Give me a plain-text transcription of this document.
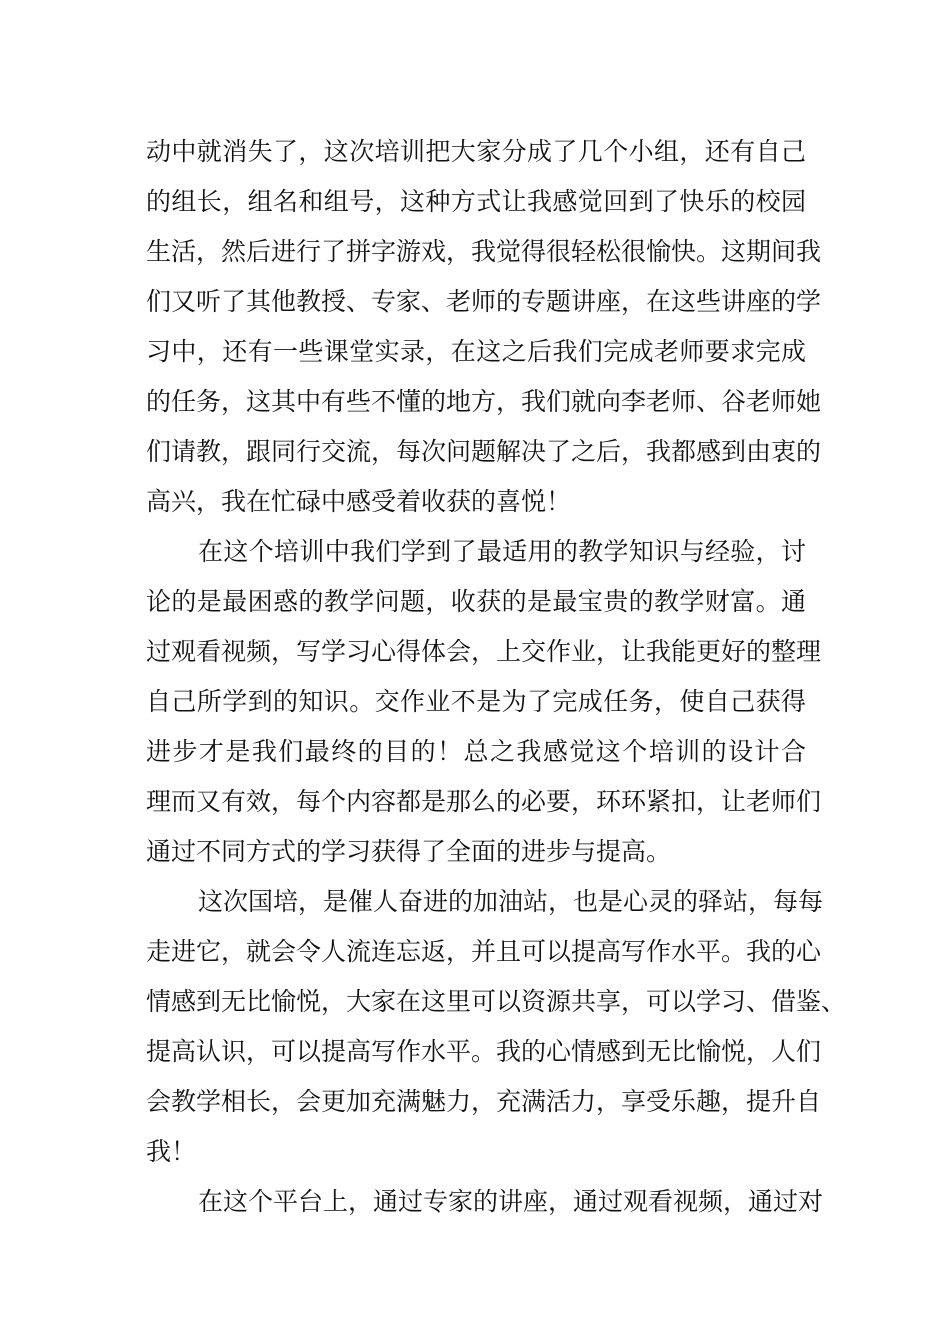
动中就消失了，这次培训把大家分成了几个小组，还有自己
的组长，组名和组号，这种方式让我感觉回到了快乐的校园
生活，然后进行了拼字游戏，我觉得很轻松很愉快。这期间我
们又听了其他教授、专家、老师的专题讲座，在这些讲座的学
习中，还有一些课堂实录，在这之后我们完成老师要求完成
的任务，这其中有些不懂的地方，我们就向李老师、谷老师她
们请教，跟同行交流，每次问题解决了之后，我都感到由衷的
高兴，我在忙碌中感受着收获的喜悦！
在这个培训中我们学到了最适用的教学知识与经验，讨
论的是最困惑的教学问题，收获的是最宝贵的教学财富。通
过观看视频，写学习心得体会，上交作业，让我能更好的整理
自己所学到的知识。交作业不是为了完成任务，使自己获得
进步才是我们最终的目的！总之我感觉这个培训的设计合
理而又有效，每个内容都是那么的必要，环环紧扣，让老师们
通过不同方式的学习获得了全面的进步与提高。
这次国培，是催人奋进的加油站，也是心灵的驿站，每每
走进它，就会令人流连忘返，并且可以提高写作水平。我的心
情感到无比愉悦，大家在这里可以资源共享，可以学习、借鉴、
提高认识，可以提高写作水平。我的心情感到无比愉悦，人们
会教学相长，会更加充满魅力，充满活力，享受乐趣，提升自
我！
在这个平台上，通过专家的讲座，通过观看视频，通过对
